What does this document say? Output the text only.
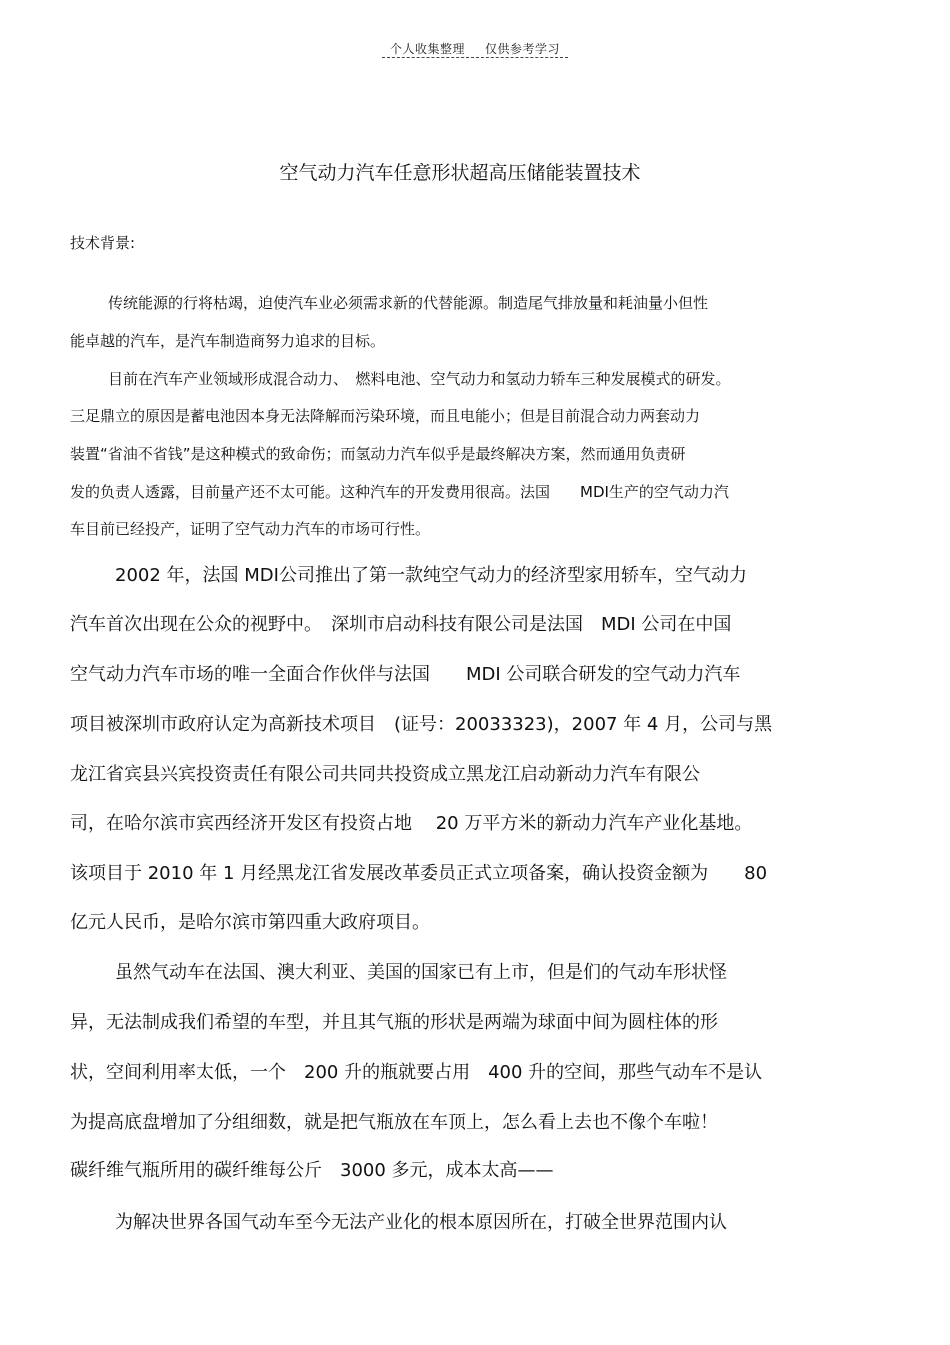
个人收集整理 仅供参考学习
空气动力汽车任意形状超高压储能装置技术
技术背景:
传统能源的行将枯竭，迫使汽车业必须需求新的代替能源。制造尾气排放量和耗油量小但性
能卓越的汽车，是汽车制造商努力追求的目标。
目前在汽车产业领域形成混合动力、　燃料电池、空气动力和氢动力轿车三种发展模式的研发。
三足鼎立的原因是蓄电池因本身无法降解而污染环境，而且电能小；但是目前混合动力两套动力
装置“省油不省钱”是这种模式的致命伤；而氢动力汽车似乎是最终解决方案，然而通用负责研
发的负责人透露，目前量产还不太可能。这种汽车的开发费用很高。法国　　MDI生产的空气动力汽
车目前已经投产，证明了空气动力汽车的市场可行性。
2002 年，法国 MDI公司推出了第一款纯空气动力的经济型家用轿车，空气动力
汽车首次出现在公众的视野中。　深圳市启动科技有限公司是法国　MDI 公司在中国
空气动力汽车市场的唯一全面合作伙伴与法国　　MDI 公司联合研发的空气动力汽车
项目被深圳市政府认定为高新技术项目　(证号：20033323)，2007 年 4 月，公司与黑
龙江省宾县兴宾投资责任有限公司共同共投资成立黑龙江启动新动力汽车有限公
司，在哈尔滨市宾西经济开发区有投资占地　 20 万平方米的新动力汽车产业化基地。
该项目于 2010 年 1 月经黑龙江省发展改革委员正式立项备案，确认投资金额为　　80
亿元人民币，是哈尔滨市第四重大政府项目。
虽然气动车在法国、澳大利亚、美国的国家已有上市，但是们的气动车形状怪
异，无法制成我们希望的车型，并且其气瓶的形状是两端为球面中间为圆柱体的形
状，空间利用率太低，一个　200 升的瓶就要占用　400 升的空间，那些气动车不是认
为提高底盘增加了分组细数，就是把气瓶放在车顶上，怎么看上去也不像个车啦！
碳纤维气瓶所用的碳纤维每公斤　3000 多元，成本太高——
为解决世界各国气动车至今无法产业化的根本原因所在，打破全世界范围内认
